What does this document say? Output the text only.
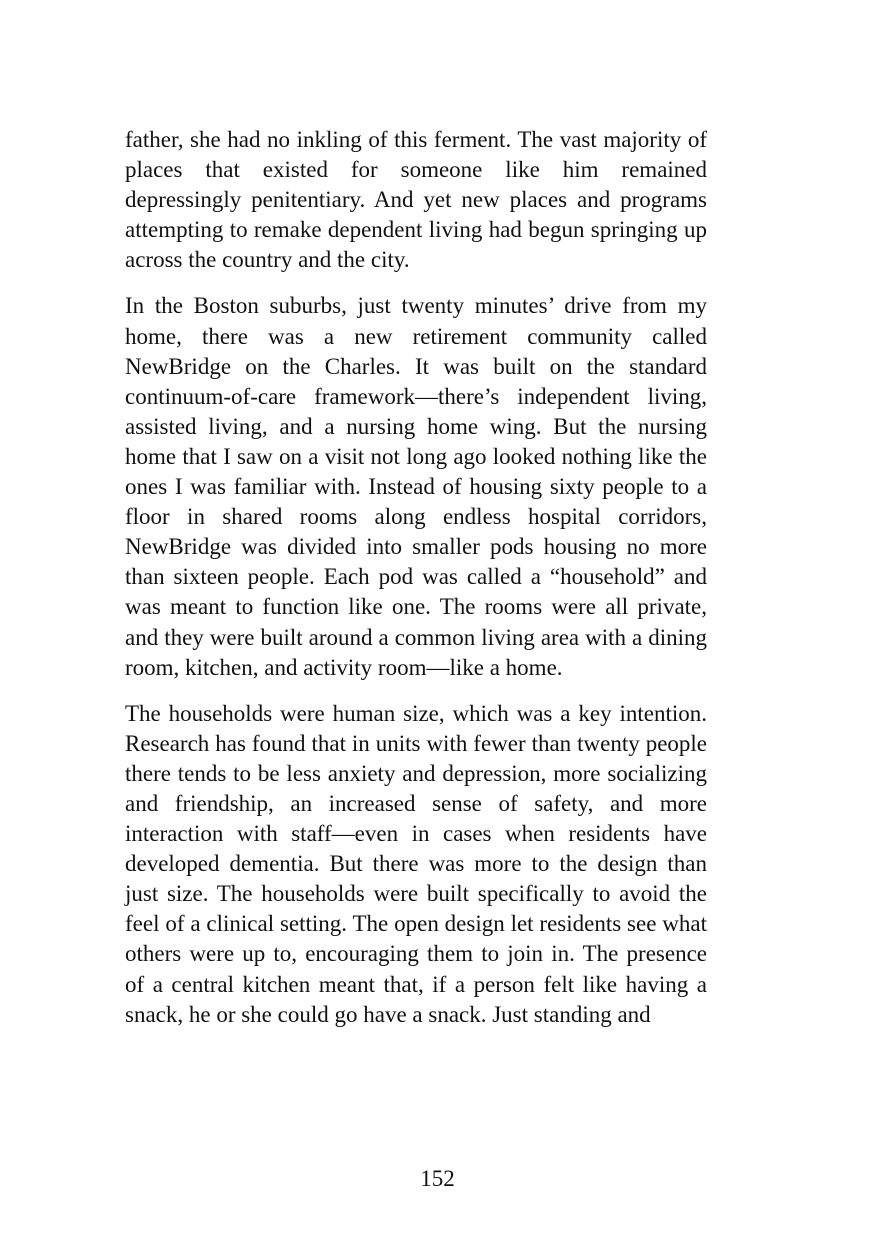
father, she had no inkling of this ferment. The vast majority of places that existed for someone like him remained depressingly penitentiary. And yet new places and programs attempting to remake dependent living had begun springing up across the country and the city.

In the Boston suburbs, just twenty minutes’ drive from my home, there was a new retirement community called NewBridge on the Charles. It was built on the standard continuum-of-care framework—there’s independent living, assisted living, and a nursing home wing. But the nursing home that I saw on a visit not long ago looked nothing like the ones I was familiar with. Instead of housing sixty people to a floor in shared rooms along endless hospital corridors, NewBridge was divided into smaller pods housing no more than sixteen people. Each pod was called a “household” and was meant to function like one. The rooms were all private, and they were built around a common living area with a dining room, kitchen, and activity room—like a home.

The households were human size, which was a key intention. Research has found that in units with fewer than twenty people there tends to be less anxiety and depression, more socializing and friendship, an increased sense of safety, and more interaction with staff—even in cases when residents have developed dementia. But there was more to the design than just size. The households were built specifically to avoid the feel of a clinical setting. The open design let residents see what others were up to, encouraging them to join in. The presence of a central kitchen meant that, if a person felt like having a snack, he or she could go have a snack. Just standing and

152
